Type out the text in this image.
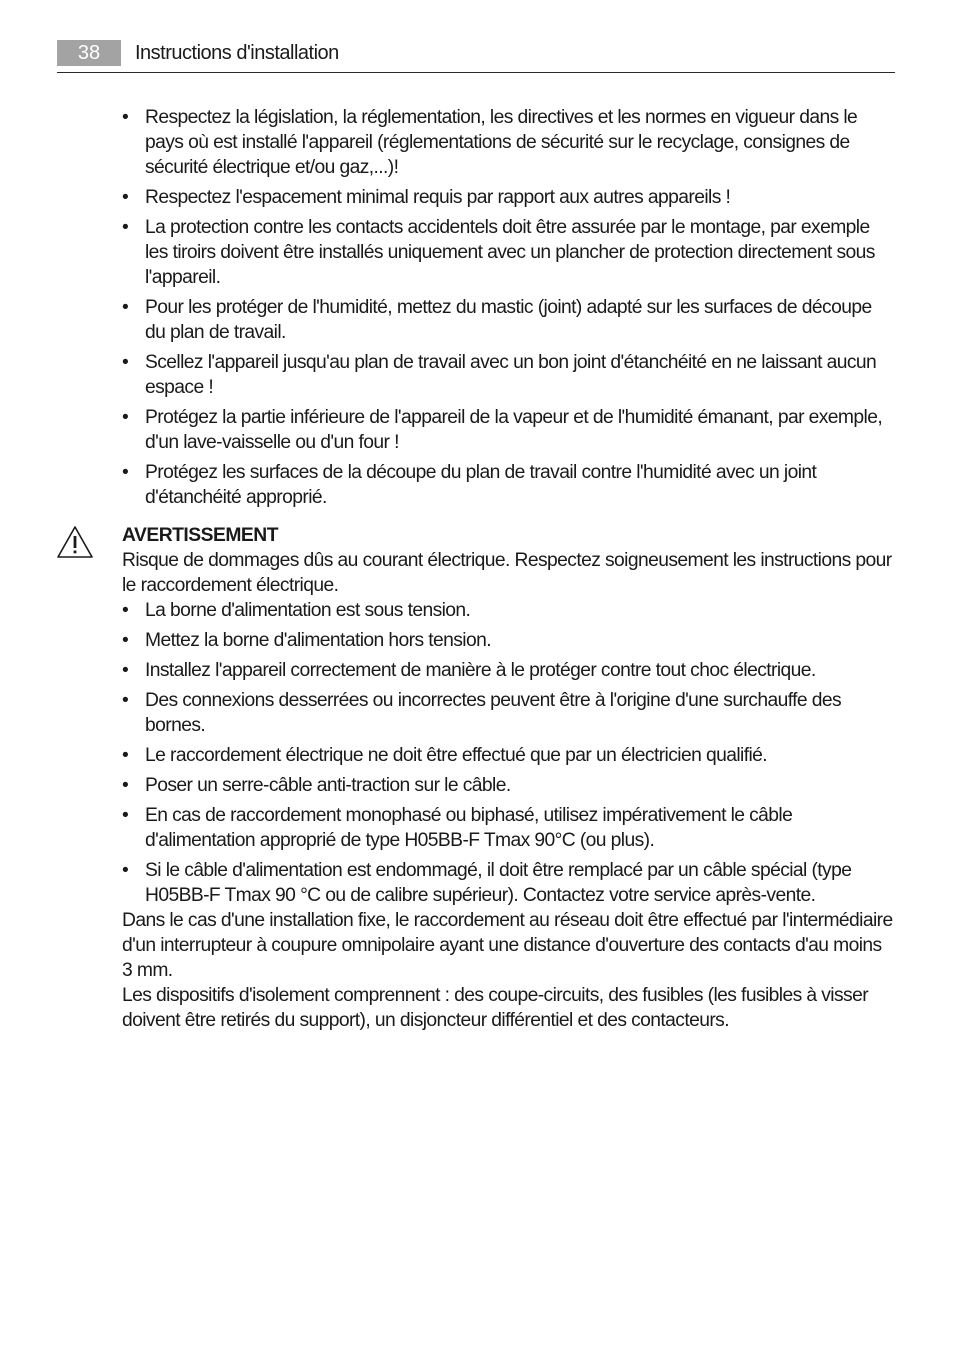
38	Instructions d'installation
• Respectez la législation, la réglementation, les directives et les normes en vigueur dans le pays où est installé l'appareil (réglementations de sécurité sur le recyclage, consignes de sécurité électrique et/ou gaz,...)!
• Respectez l'espacement minimal requis par rapport aux autres appareils !
• La protection contre les contacts accidentels doit être assurée par le montage, par exemple les tiroirs doivent être installés uniquement avec un plancher de protection directement sous l'appareil.
• Pour les protéger de l'humidité, mettez du mastic (joint) adapté sur les surfaces de découpe du plan de travail.
• Scellez l'appareil jusqu'au plan de travail avec un bon joint d'étanchéité en ne laissant aucun espace !
• Protégez la partie inférieure de l'appareil de la vapeur et de l'humidité émanant, par exemple, d'un lave-vaisselle ou d'un four !
• Protégez les surfaces de la découpe du plan de travail contre l'humidité avec un joint d'étanchéité approprié.
AVERTISSEMENT
Risque de dommages dûs au courant électrique. Respectez soigneusement les instructions pour le raccordement électrique.
• La borne d'alimentation est sous tension.
• Mettez la borne d'alimentation hors tension.
• Installez l'appareil correctement de manière à le protéger contre tout choc électrique.
• Des connexions desserrées ou incorrectes peuvent être à l'origine d'une surchauffe des bornes.
• Le raccordement électrique ne doit être effectué que par un électricien qualifié.
• Poser un serre-câble anti-traction sur le câble.
• En cas de raccordement monophasé ou biphasé, utilisez impérativement le câble d'alimentation approprié de type H05BB-F Tmax 90°C (ou plus).
• Si le câble d'alimentation est endommagé, il doit être remplacé par un câble spécial (type H05BB-F Tmax 90 °C ou de calibre supérieur). Contactez votre service après-vente.
Dans le cas d'une installation fixe, le raccordement au réseau doit être effectué par l'intermédiaire d'un interrupteur à coupure omnipolaire ayant une distance d'ouverture des contacts d'au moins 3 mm.
Les dispositifs d'isolement comprennent : des coupe-circuits, des fusibles (les fusibles à visser doivent être retirés du support), un disjoncteur différentiel et des contacteurs.
